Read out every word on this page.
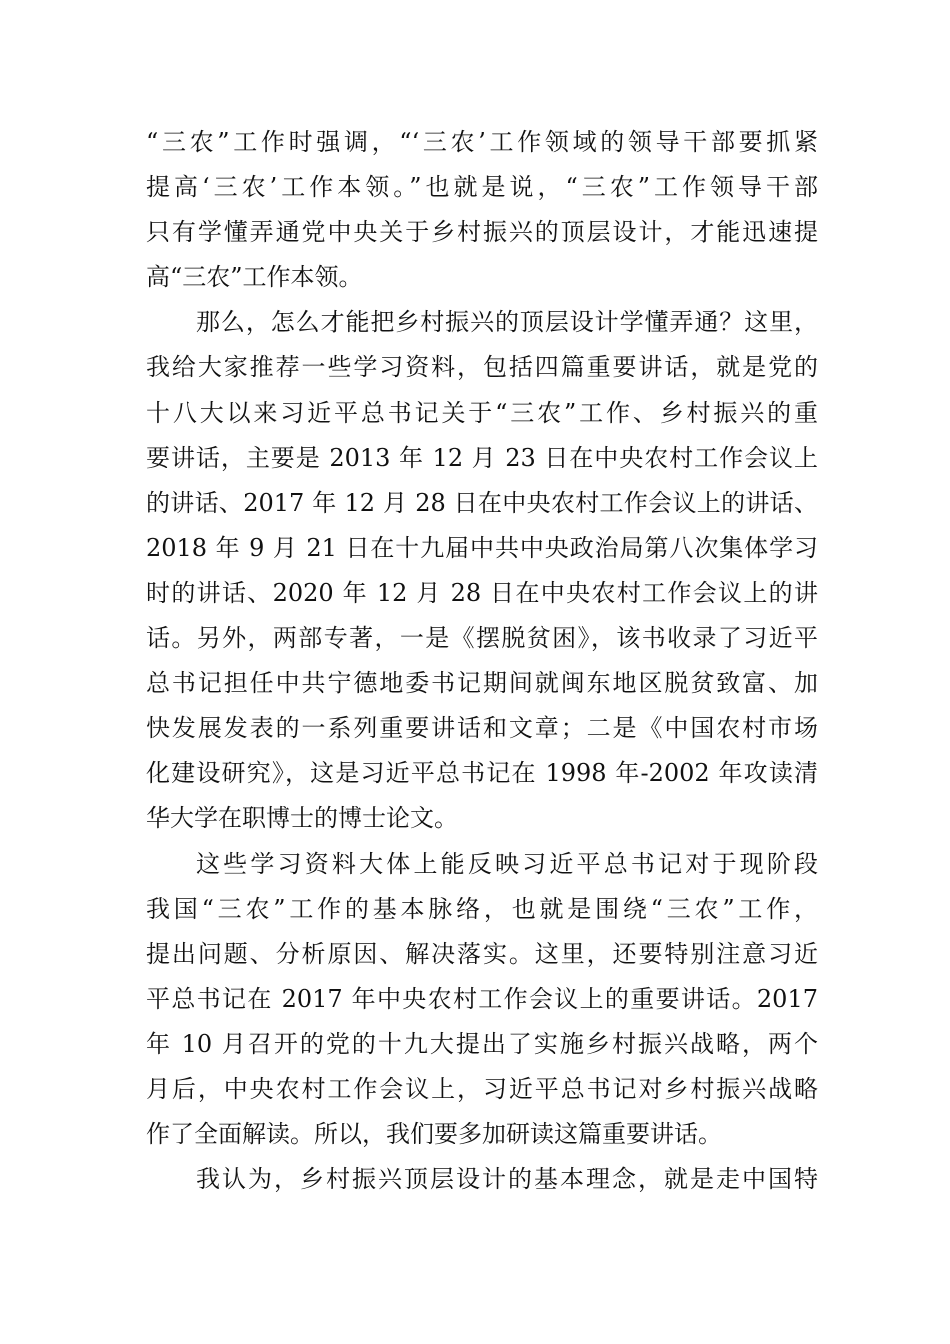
“三农”工作时强调，“‘三农’工作领域的领导干部要抓紧
提高‘三农’工作本领。”也就是说，“三农”工作领导干部
只有学懂弄通党中央关于乡村振兴的顶层设计，才能迅速提
高“三农”工作本领。
那么，怎么才能把乡村振兴的顶层设计学懂弄通？这里，
我给大家推荐一些学习资料，包括四篇重要讲话，就是党的
十八大以来习近平总书记关于“三农”工作、乡村振兴的重
要讲话，主要是 2013 年 12 月 23 日在中央农村工作会议上
的讲话、2017 年 12 月 28 日在中央农村工作会议上的讲话、
2018 年 9 月 21 日在十九届中共中央政治局第八次集体学习
时的讲话、2020 年 12 月 28 日在中央农村工作会议上的讲
话。另外，两部专著，一是《摆脱贫困》，该书收录了习近平
总书记担任中共宁德地委书记期间就闽东地区脱贫致富、加
快发展发表的一系列重要讲话和文章；二是《中国农村市场
化建设研究》，这是习近平总书记在 1998 年-2002 年攻读清
华大学在职博士的博士论文。
这些学习资料大体上能反映习近平总书记对于现阶段
我国“三农”工作的基本脉络，也就是围绕“三农”工作，
提出问题、分析原因、解决落实。这里，还要特别注意习近
平总书记在 2017 年中央农村工作会议上的重要讲话。2017
年 10 月召开的党的十九大提出了实施乡村振兴战略，两个
月后，中央农村工作会议上，习近平总书记对乡村振兴战略
作了全面解读。所以，我们要多加研读这篇重要讲话。
我认为，乡村振兴顶层设计的基本理念，就是走中国特
